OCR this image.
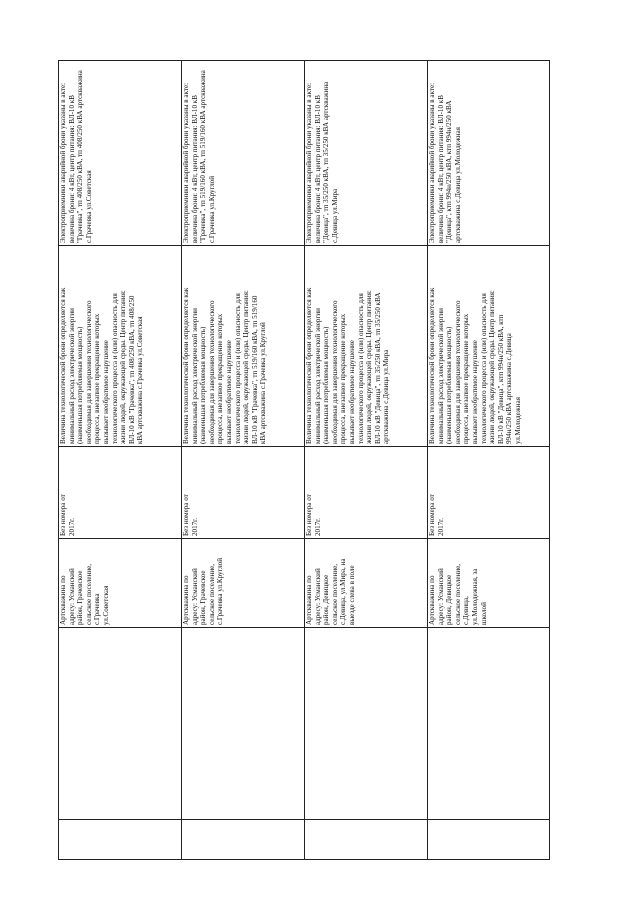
Артскважина по
адресу: Усманский
район, Грачевское
сельское поселение,
с.Грачевка
ул.Советская
Без номера от
2017г.
Величина технологической брони определяется как
минимальный расход электрической энергии
(наименьшая потребляемая мощность)
необходимая для завершения технологического
процесса, внезапное прекращение которых
вызывает необратимое нарушение
технологического процесса и (или) опасность для
жизни людей, окружающей среды. Центр питания:
ВЛ-10 кВ "Грачевка", тп 408/250 кВА, тп 408/250
кВА артскважина с.Грачевка ул.Советская
Электроприемники аварийной брони указаны в акте:
величина брони: 4 кВт, центр питания: ВЛ-10 кВ
"Грачевка", тп 408/250 кВА, тп 408/250 кВА артскважина
с.Грачевка ул.Советская
Артскважина по
адресу: Усманский
район, Грачевское
сельское поселение,
с.Грачевка ул.Круглой
Без номера от
2017г.
Величина технологической брони определяется как
минимальный расход электрической энергии
(наименьшая потребляемая мощность)
необходимая для завершения технологического
процесса, внезапное прекращение которых
вызывает необратимое нарушение
технологического процесса и (или) опасность для
жизни людей, окружающей среды. Центр питания:
ВЛ-10 кВ "Грачевка", тп 519/160 кВА, тп 519/160
кВА артскважина с.Грачевка ул.Круглой
Электроприемники аварийной брони указаны в акте:
величина брони: 4 кВт, центр питания: ВЛ-10 кВ
"Грачевка", тп 519/160 кВА, тп 519/160 кВА артскважина
с.Грачевка ул.Круглой
Артскважина по
адресу: Усманский
район, Девицкое
сельское поселение,
с.Девица, ул.Мира, на
выезде слева в поле
Без номера от
2017г.
Величина технологической брони определяется как
минимальный расход электрической энергии
(наименьшая потребляемая мощность)
необходимая для завершения технологического
процесса, внезапное прекращение которых
вызывает необратимое нарушение
технологического процесса и (или) опасность для
жизни людей, окружающей среды. Центр питания:
ВЛ-10 кВ "Девица", тп 35/250 кВА, тп 35/250 кВА
артскважина с.Девица ул.Мира
Электроприемники аварийной брони указаны в акте:
величина брони: 4 кВт, центр питания: ВЛ-10 кВ
"Девица", тп 35/250 кВА, тп 35/250 кВА артскважина
с.Девица ул.Мира
Артскважина по
адресу: Усманский
район, Девицкое
сельское поселение,
с.Девица,
ул.Молодежная, за
школой
Без номера от
2017г.
Величина технологической брони определяется как
минимальный расход электрической энергии
(наименьшая потребляемая мощность)
необходимая для завершения технологического
процесса, внезапное прекращение которых
вызывает необратимое нарушение
технологического процесса и (или) опасность для
жизни людей, окружающей среды. Центр питания:
ВЛ-10 кВ "Девица", ктп 994н/250 кВА, ктп
994н/250 кВА артскважина с.Девица
ул.Молодежная
Электроприемники аварийной брони указаны в акте:
величина брони: 4 кВт, центр питания: ВЛ-10 кВ
"Девица", ктп 994н/250 кВА, ктп 994н/250 кВА
артскважина с.Девица ул.Молодежная
